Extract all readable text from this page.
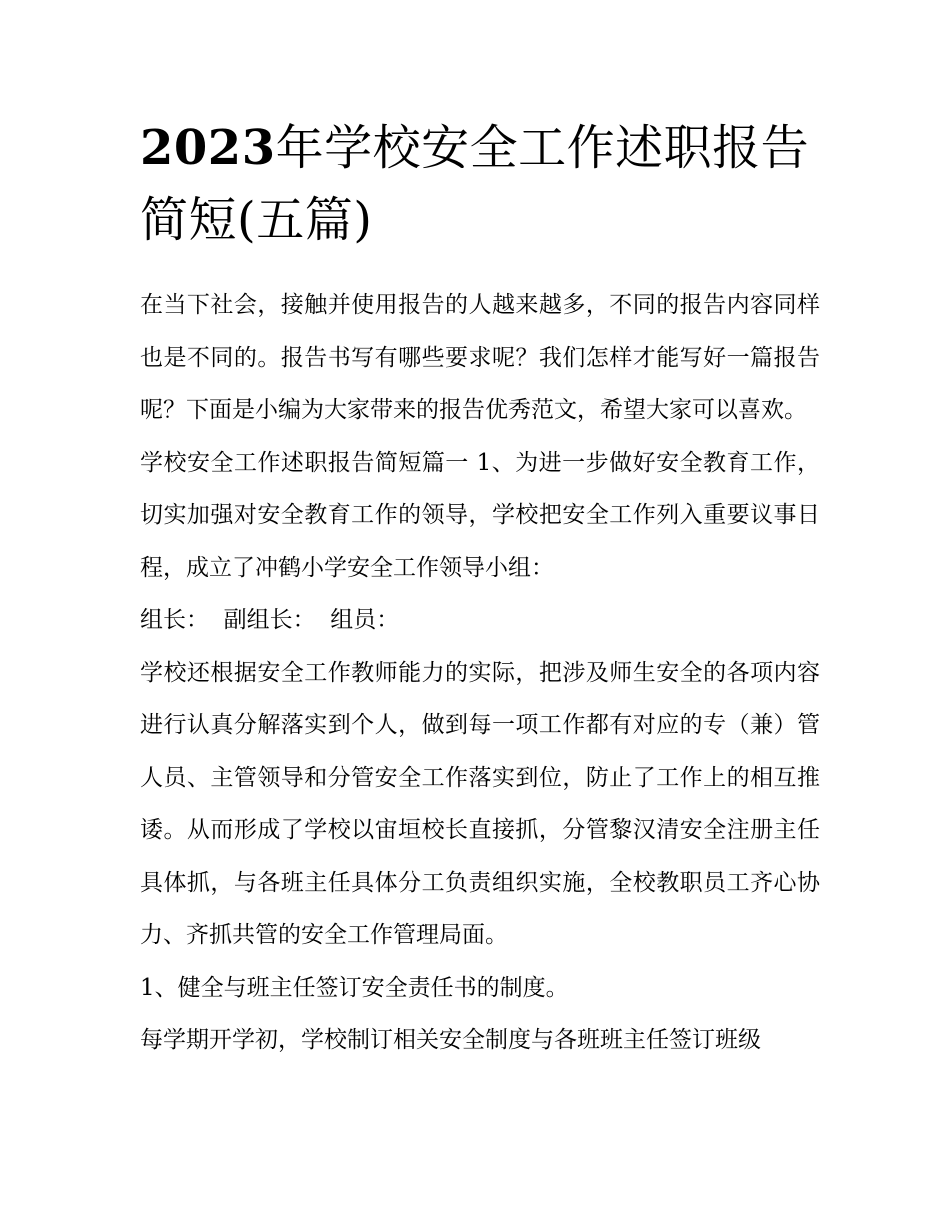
2023年学校安全工作述职报告简短(五篇)

在当下社会，接触并使用报告的人越来越多，不同的报告内容同样也是不同的。报告书写有哪些要求呢？我们怎样才能写好一篇报告呢？下面是小编为大家带来的报告优秀范文，希望大家可以喜欢。

学校安全工作述职报告简短篇一 1、为进一步做好安全教育工作，切实加强对安全教育工作的领导，学校把安全工作列入重要议事日程，成立了冲鹤小学安全工作领导小组：

组长：  副组长：  组员：

学校还根据安全工作教师能力的实际，把涉及师生安全的各项内容进行认真分解落实到个人，做到每一项工作都有对应的专（兼）管人员、主管领导和分管安全工作落实到位，防止了工作上的相互推诿。从而形成了学校以宙垣校长直接抓，分管黎汉清安全注册主任具体抓，与各班主任具体分工负责组织实施，全校教职员工齐心协力、齐抓共管的安全工作管理局面。

1、健全与班主任签订安全责任书的制度。

每学期开学初，学校制订相关安全制度与各班班主任签订班级
